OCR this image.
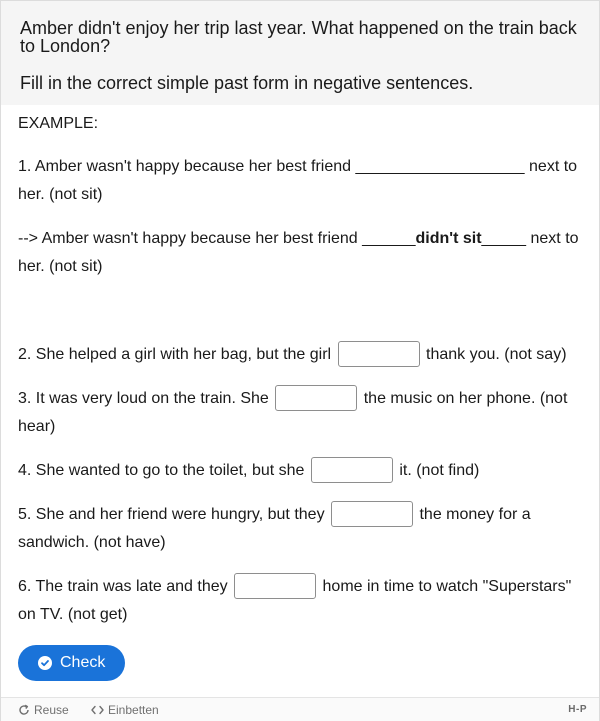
Amber didn't enjoy her trip last year. What happened on the train back to London?

Fill in the correct simple past form in negative sentences.

EXAMPLE:
1. Amber wasn't happy because her best friend ___________________ next to her. (not sit)
--> Amber wasn't happy because her best friend ______didn't sit_____ next to her. (not sit)
2. She helped a girl with her bag, but the girl	thank you. (not say)
3. It was very loud on the train. She	the music on her phone. (not hear)
4. She wanted to go to the toilet, but she	it. (not find)
5. She and her friend were hungry, but they	the money for a sandwich. (not have)
6. The train was late and they	home in time to watch "Superstars" on TV. (not get)
Check
Reuse	Einbetten	H-P
